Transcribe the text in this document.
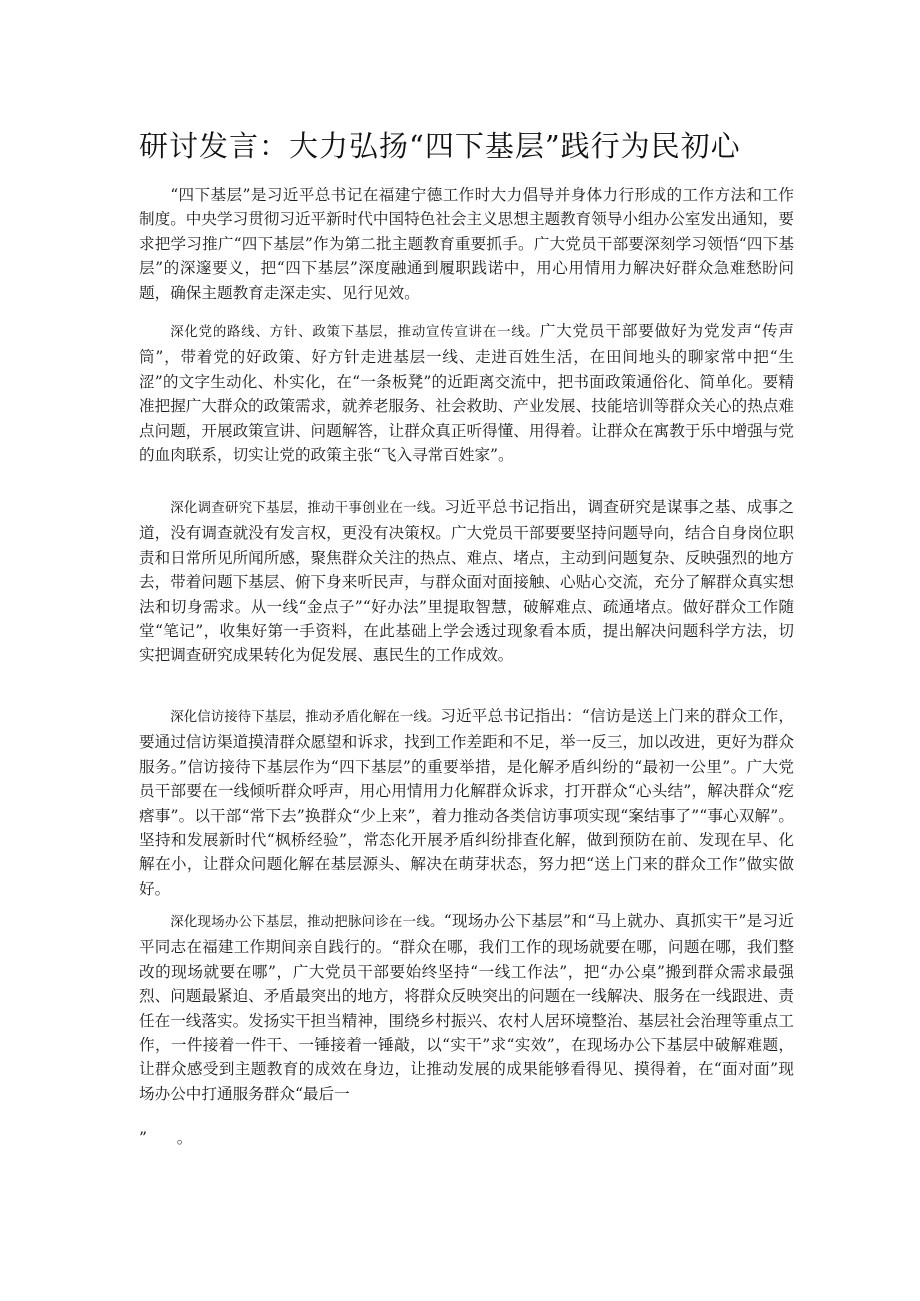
研讨发言：大力弘扬“四下基层”践行为民初心

“四下基层”是习近平总书记在福建宁德工作时大力倡导并身体力行形成的工作方法和工作制度。中央学习贯彻习近平新时代中国特色社会主义思想主题教育领导小组办公室发出通知，要求把学习推广“四下基层”作为第二批主题教育重要抓手。广大党员干部要深刻学习领悟“四下基层”的深邃要义，把“四下基层”深度融通到履职践诺中，用心用情用力解决好群众急难愁盼问题，确保主题教育走深走实、见行见效。

深化党的路线、方针、政策下基层，推动宣传宣讲在一线。广大党员干部要做好为党发声“传声筒”，带着党的好政策、好方针走进基层一线、走进百姓生活，在田间地头的聊家常中把“生涩”的文字生动化、朴实化，在“一条板凳”的近距离交流中，把书面政策通俗化、简单化。要精准把握广大群众的政策需求，就养老服务、社会救助、产业发展、技能培训等群众关心的热点难点问题，开展政策宣讲、问题解答，让群众真正听得懂、用得着。让群众在寓教于乐中增强与党的血肉联系，切实让党的政策主张“飞入寻常百姓家”。

深化调查研究下基层，推动干事创业在一线。习近平总书记指出，调查研究是谋事之基、成事之道，没有调查就没有发言权，更没有决策权。广大党员干部要要坚持问题导向，结合自身岗位职责和日常所见所闻所感，聚焦群众关注的热点、难点、堵点，主动到问题复杂、反映强烈的地方去，带着问题下基层、俯下身来听民声，与群众面对面接触、心贴心交流，充分了解群众真实想法和切身需求。从一线“金点子”“好办法”里提取智慧，破解难点、疏通堵点。做好群众工作随堂“笔记”，收集好第一手资料，在此基础上学会透过现象看本质，提出解决问题科学方法，切实把调查研究成果转化为促发展、惠民生的工作成效。

深化信访接待下基层，推动矛盾化解在一线。习近平总书记指出：“信访是送上门来的群众工作，要通过信访渠道摸清群众愿望和诉求，找到工作差距和不足，举一反三，加以改进，更好为群众服务。”信访接待下基层作为“四下基层”的重要举措，是化解矛盾纠纷的“最初一公里”。广大党员干部要在一线倾听群众呼声，用心用情用力化解群众诉求，打开群众“心头结”，解决群众“疙瘩事”。以干部“常下去”换群众“少上来”，着力推动各类信访事项实现“案结事了”“事心双解”。坚持和发展新时代“枫桥经验”，常态化开展矛盾纠纷排查化解，做到预防在前、发现在早、化解在小，让群众问题化解在基层源头、解决在萌芽状态，努力把“送上门来的群众工作”做实做好。

深化现场办公下基层，推动把脉问诊在一线。“现场办公下基层”和“马上就办、真抓实干”是习近平同志在福建工作期间亲自践行的。“群众在哪，我们工作的现场就要在哪，问题在哪，我们整改的现场就要在哪”，广大党员干部要始终坚持“一线工作法”，把“办公桌”搬到群众需求最强烈、问题最紧迫、矛盾最突出的地方，将群众反映突出的问题在一线解决、服务在一线跟进、责任在一线落实。发扬实干担当精神，围绕乡村振兴、农村人居环境整治、基层社会治理等重点工作，一件接着一件干、一锤接着一锤敲，以“实干”求“实效”，在现场办公下基层中破解难题，让群众感受到主题教育的成效在身边，让推动发展的成果能够看得见、摸得着，在“面对面”现场办公中打通服务群众“最后一

”      。
